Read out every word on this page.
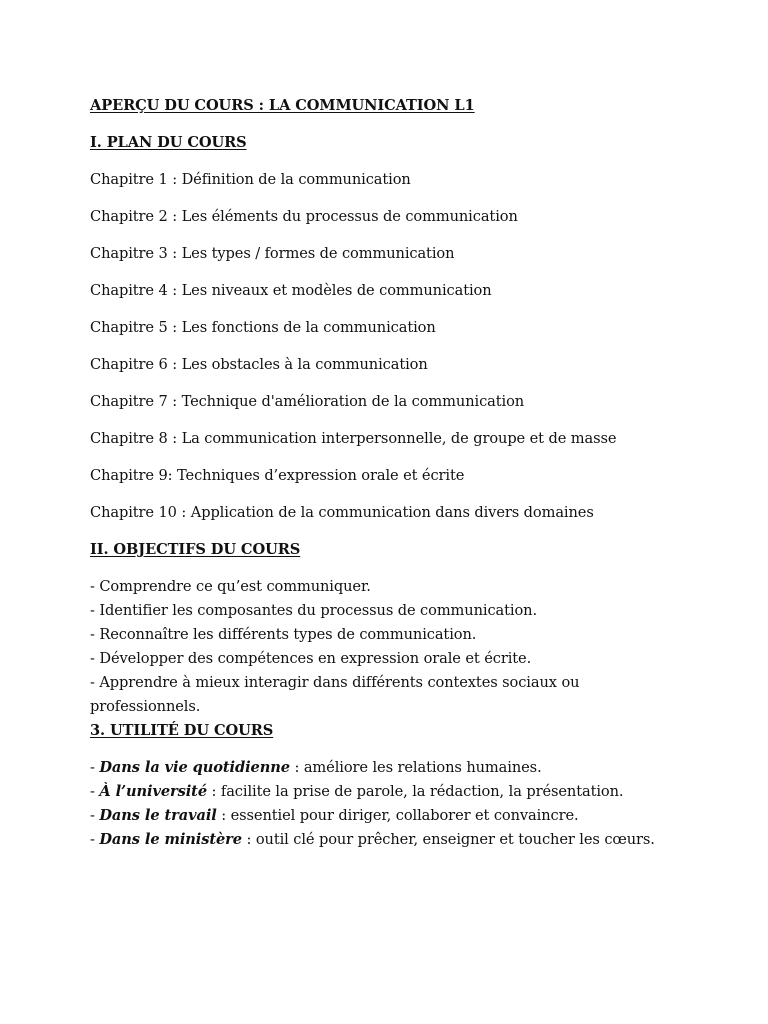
APERÇU DU COURS : LA COMMUNICATION L1
I. PLAN DU COURS
Chapitre 1 : Définition de la communication
Chapitre 2 : Les éléments du processus de communication
Chapitre 3 : Les types / formes de communication
Chapitre 4 : Les niveaux et modèles de communication
Chapitre 5 : Les fonctions de la communication
Chapitre 6 : Les obstacles à la communication
Chapitre 7 : Technique d'amélioration de la communication
Chapitre 8 : La communication interpersonnelle, de groupe et de masse
Chapitre 9: Techniques d’expression orale et écrite
Chapitre 10 : Application de la communication dans divers domaines
II. OBJECTIFS DU COURS
- Comprendre ce qu’est communiquer.
- Identifier les composantes du processus de communication.
- Reconnaître les différents types de communication.
- Développer des compétences en expression orale et écrite.
- Apprendre à mieux interagir dans différents contextes sociaux ou
professionnels.
3. UTILITÉ DU COURS
- Dans la vie quotidienne : améliore les relations humaines.
- À l’université : facilite la prise de parole, la rédaction, la présentation.
- Dans le travail : essentiel pour diriger, collaborer et convaincre.
- Dans le ministère : outil clé pour prêcher, enseigner et toucher les cœurs.
